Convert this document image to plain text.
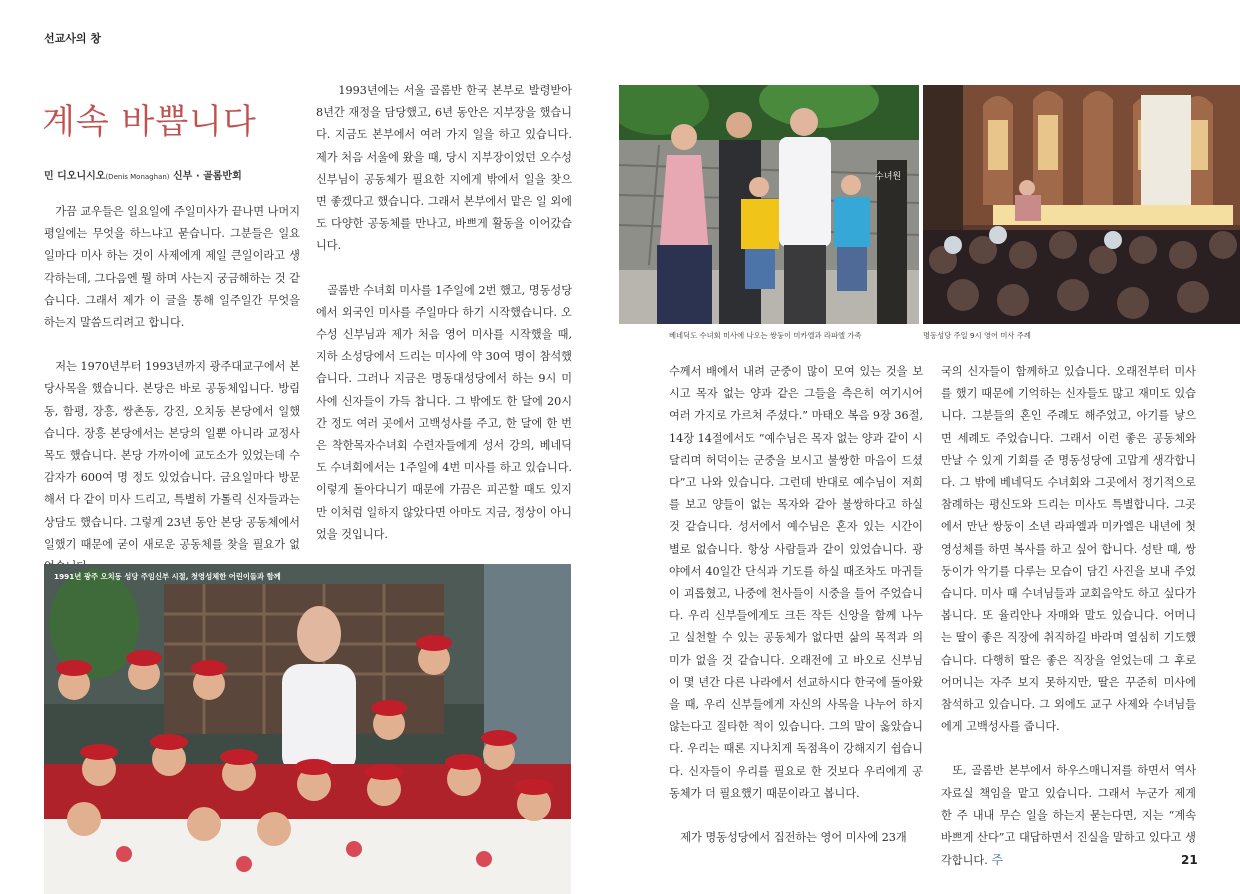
선교사의 창
계속 바쁩니다
민 디오니시오(Denis Monaghan) 신부 · 골롬반회

가끔 교우들은 일요일에 주일미사가 끝나면 나머지 평일에는 무엇을 하느냐고 묻습니다. 그분들은 일요일마다 미사 하는 것이 사제에게 제일 큰일이라고 생각하는데, 그다음엔 뭘 하며 사는지 궁금해하는 것 같습니다. 그래서 제가 이 글을 통해 일주일간 무엇을 하는지 말씀드리려고 합니다.

저는 1970년부터 1993년까지 광주대교구에서 본당사목을 했습니다. 본당은 바로 공동체입니다. 방림동, 함평, 장흥, 쌍촌동, 강진, 오치동 본당에서 일했습니다. 장흥 본당에서는 본당의 일뿐 아니라 교정사목도 했습니다. 본당 가까이에 교도소가 있었는데 수감자가 600여 명 정도 있었습니다. 금요일마다 방문해서 다 같이 미사 드리고, 특별히 가톨릭 신자들과는 상담도 했습니다. 그렇게 23년 동안 본당 공동체에서 일했기 때문에 굳이 새로운 공동체를 찾을 필요가 없

1993년에는 서울 골롬반 한국 본부로 발령받아 8년간 재정을 담당했고, 6년 동안은 지부장을 했습니다. 지금도 본부에서 여러 가지 일을 하고 있습니다. 제가 처음 서울에 왔을 때, 당시 지부장이었던 오수성 신부님이 공동체가 필요한 지에게 밖에서 일을 찾으면 좋겠다고 했습니다. 그래서 본부에서 맡은 일 외에도 다양한 공동체를 만나고, 바쁘게 활동을 이어갔습니다.

골롬반 수녀회 미사를 1주일에 2번 했고, 명동성당에서 외국인 미사를 주일마다 하기 시작했습니다. 오수성 신부님과 제가 처음 영어 미사를 시작했을 때, 지하 소성당에서 드리는 미사에 약 30여 명이 참석했습니다. 그러나 지금은 명동대성당에서 하는 9시 미사에 신자들이 가득 찹니다. 그 밖에도 한 달에 20시간 정도 여러 곳에서 고백성사를 주고, 한 달에 한 번은 착한목자수녀회 수련자들에게 성서 강의, 베네딕도 수녀회에서는 1주일에 4번 미사를 하고 있습니다. 이렇게 돌아다니기 때문에 가끔은 피곤할 때도 있지만 이처럼 일하지 않았다면 아마도 지금, 정상이 아니었을 것입니다.

1991년 광주 오치동 성당 주임신부 시절, 첫영성체한 어린이들과 함께
수녀원
베네딕도 수녀회 미사에 나오는 쌍둥이 미카엘과 라파엘 가족	명동성당 주일 9시 영어 미사 주례

수께서 배에서 내려 군중이 많이 모여 있는 것을 보시고 목자 없는 양과 같은 그들을 측은히 여기시어 여러 가지로 가르쳐 주셨다.” 마태오 복음 9장 36절, 14장 14절에서도 “예수님은 목자 없는 양과 같이 시달리며 허덕이는 군중을 보시고 불쌍한 마음이 드셨다”고 나와 있습니다. 그런데 반대로 예수님이 저희를 보고 양들이 없는 목자와 같아 불쌍하다고 하실 것 같습니다. 성서에서 예수님은 혼자 있는 시간이 별로 없습니다. 항상 사람들과 같이 있었습니다. 광야에서 40일간 단식과 기도를 하실 때조차도 마귀들이 괴롭혔고, 나중에 천사들이 시중을 들어 주었습니다. 우리 신부들에게도 크든 작든 신앙을 함께 나누고 실천할 수 있는 공동체가 없다면 삶의 목적과 의미가 없을 것 같습니다. 오래전에 고 바오로 신부님이 몇 년간 다른 나라에서 선교하시다 한국에 돌아왔을 때, 우리 신부들에게 자신의 사목을 나누어 하지 않는다고 질타한 적이 있습니다. 그의 말이 옳았습니다. 우리는 때론 지나치게 독점욕이 강해지기 쉽습니다. 신자들이 우리를 필요로 한 것보다 우리에게 공동체가 더 필요했기 때문이라고 봅니다.

제가 명동성당에서 집전하는 영어 미사에 23개

국의 신자들이 함께하고 있습니다. 오래전부터 미사를 했기 때문에 기억하는 신자들도 많고 재미도 있습니다. 그분들의 혼인 주례도 해주었고, 아기를 낳으면 세례도 주었습니다. 그래서 이런 좋은 공동체와 만날 수 있게 기회를 준 명동성당에 고맙게 생각합니다. 그 밖에 베네딕도 수녀회와 그곳에서 정기적으로 참례하는 평신도와 드리는 미사도 특별합니다. 그곳에서 만난 쌍둥이 소년 라파엘과 미카엘은 내년에 첫영성체를 하면 복사를 하고 싶어 합니다. 성탄 때, 쌍둥이가 악기를 다루는 모습이 담긴 사진을 보내 주었습니다. 미사 때 수녀님들과 교회음악도 하고 싶다가 봅니다. 또 율리안나 자매와 말도 있습니다. 어머니는 딸이 좋은 직장에 취직하길 바라며 열심히 기도했습니다. 다행히 딸은 좋은 직장을 얻었는데 그 후로 어머니는 자주 보지 못하지만, 딸은 꾸준히 미사에 참석하고 있습니다. 그 외에도 교구 사제와 수녀님들에게 고백성사를 줍니다.

또, 골롬반 본부에서 하우스매니저를 하면서 역사자료실 책임을 맡고 있습니다. 그래서 누군가 제게 한 주 내내 무슨 일을 하는지 묻는다면, 지는 “계속 바쁘게 산다”고 대답하면서 진실을 말하고 있다고 생각합니다. 주	21
